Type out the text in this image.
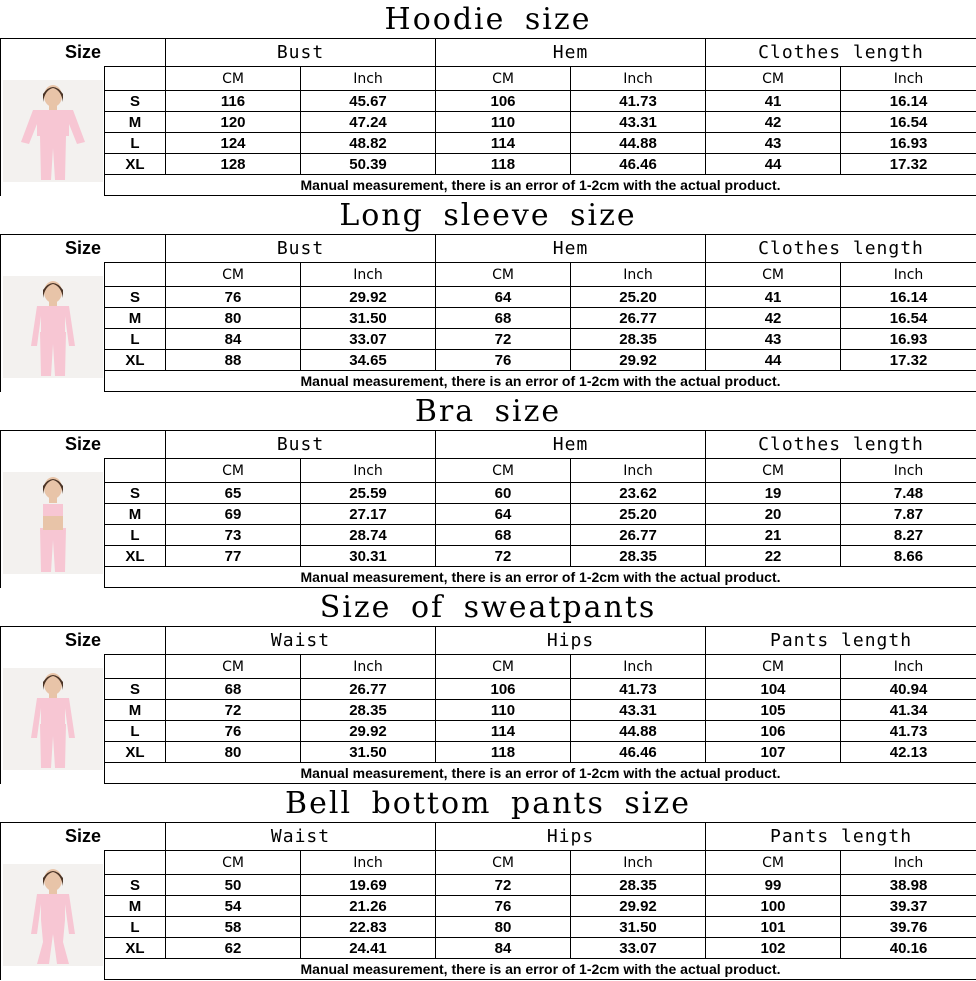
Hoodie size
Size		Bust		Hem		Clothes length	

		CM	Inch	CM	Inch	CM	Inch
	S	116	45.67	106	41.73	41	16.14
	M	120	47.24	110	43.31	42	16.54
	L	124	48.82	114	44.88	43	16.93
	XL	128	50.39	118	46.46	44	17.32
	Manual measurement, there is an error of 1-2cm with the actual product.						
Long sleeve size
Size		Bust		Hem		Clothes length	

		CM	Inch	CM	Inch	CM	Inch
	S	76	29.92	64	25.20	41	16.14
	M	80	31.50	68	26.77	42	16.54
	L	84	33.07	72	28.35	43	16.93
	XL	88	34.65	76	29.92	44	17.32
	Manual measurement, there is an error of 1-2cm with the actual product.						
Bra size
Size		Bust		Hem		Clothes length	

		CM	Inch	CM	Inch	CM	Inch
	S	65	25.59	60	23.62	19	7.48
	M	69	27.17	64	25.20	20	7.87
	L	73	28.74	68	26.77	21	8.27
	XL	77	30.31	72	28.35	22	8.66
	Manual measurement, there is an error of 1-2cm with the actual product.						
Size of sweatpants
Size		Waist		Hips		Pants length	

		CM	Inch	CM	Inch	CM	Inch
	S	68	26.77	106	41.73	104	40.94
	M	72	28.35	110	43.31	105	41.34
	L	76	29.92	114	44.88	106	41.73
	XL	80	31.50	118	46.46	107	42.13
	Manual measurement, there is an error of 1-2cm with the actual product.						
Bell bottom pants size
Size		Waist		Hips		Pants length	

		CM	Inch	CM	Inch	CM	Inch
	S	50	19.69	72	28.35	99	38.98
	M	54	21.26	76	29.92	100	39.37
	L	58	22.83	80	31.50	101	39.76
	XL	62	24.41	84	33.07	102	40.16
	Manual measurement, there is an error of 1-2cm with the actual product.						
